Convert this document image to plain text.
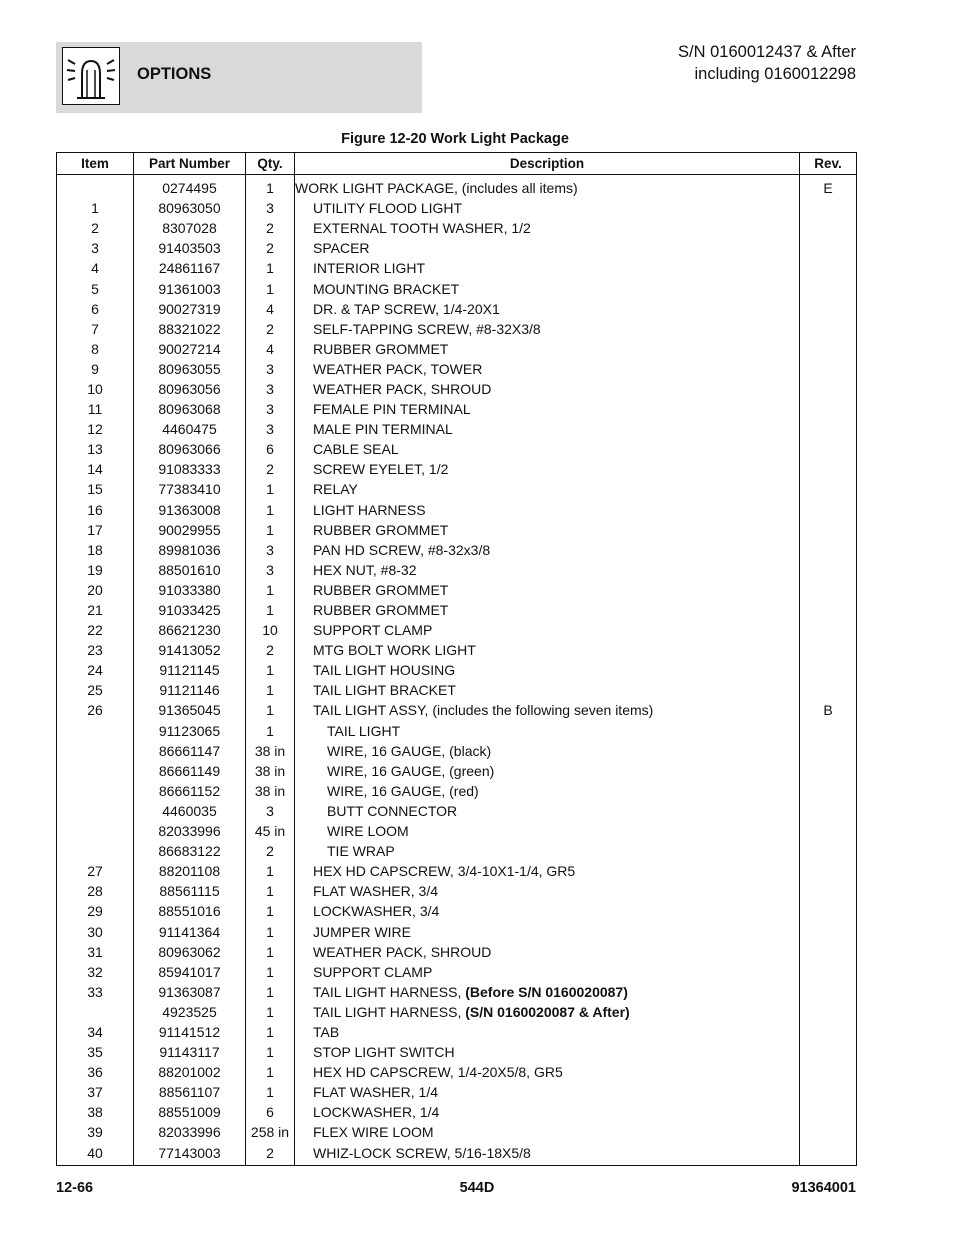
OPTIONS
S/N 0160012437 & After
including 0160012298
Figure 12-20 Work Light Package
Item	Part Number	Qty.	Description	Rev.
	0274495	1	WORK LIGHT PACKAGE, (includes all items)	E
1	80963050	3	UTILITY FLOOD LIGHT	
2	8307028	2	EXTERNAL TOOTH WASHER, 1/2	
3	91403503	2	SPACER	
4	24861167	1	INTERIOR LIGHT	
5	91361003	1	MOUNTING BRACKET	
6	90027319	4	DR. & TAP SCREW, 1/4-20X1	
7	88321022	2	SELF-TAPPING SCREW, #8-32X3/8	
8	90027214	4	RUBBER GROMMET	
9	80963055	3	WEATHER PACK, TOWER	
10	80963056	3	WEATHER PACK, SHROUD	
11	80963068	3	FEMALE PIN TERMINAL	
12	4460475	3	MALE PIN TERMINAL	
13	80963066	6	CABLE SEAL	
14	91083333	2	SCREW EYELET, 1/2	
15	77383410	1	RELAY	
16	91363008	1	LIGHT HARNESS	
17	90029955	1	RUBBER GROMMET	
18	89981036	3	PAN HD SCREW, #8-32x3/8	
19	88501610	3	HEX NUT, #8-32	
20	91033380	1	RUBBER GROMMET	
21	91033425	1	RUBBER GROMMET	
22	86621230	10	SUPPORT CLAMP	
23	91413052	2	MTG BOLT WORK LIGHT	
24	91121145	1	TAIL LIGHT HOUSING	
25	91121146	1	TAIL LIGHT BRACKET	
26	91365045	1	TAIL LIGHT ASSY, (includes the following seven items)	B
	91123065	1	TAIL LIGHT	
	86661147	38 in	WIRE, 16 GAUGE, (black)	
	86661149	38 in	WIRE, 16 GAUGE, (green)	
	86661152	38 in	WIRE, 16 GAUGE, (red)	
	4460035	3	BUTT CONNECTOR	
	82033996	45 in	WIRE LOOM	
	86683122	2	TIE WRAP	
27	88201108	1	HEX HD CAPSCREW, 3/4-10X1-1/4, GR5	
28	88561115	1	FLAT WASHER, 3/4	
29	88551016	1	LOCKWASHER, 3/4	
30	91141364	1	JUMPER WIRE	
31	80963062	1	WEATHER PACK, SHROUD	
32	85941017	1	SUPPORT CLAMP	
33	91363087	1	TAIL LIGHT HARNESS, (Before S/N 0160020087)	
	4923525	1	TAIL LIGHT HARNESS, (S/N 0160020087 & After)	
34	91141512	1	TAB	
35	91143117	1	STOP LIGHT SWITCH	
36	88201002	1	HEX HD CAPSCREW, 1/4-20X5/8, GR5	
37	88561107	1	FLAT WASHER, 1/4	
38	88551009	6	LOCKWASHER, 1/4	
39	82033996	258 in	FLEX WIRE LOOM	
40	77143003	2	WHIZ-LOCK SCREW, 5/16-18X5/8	
12-66	544D	91364001
